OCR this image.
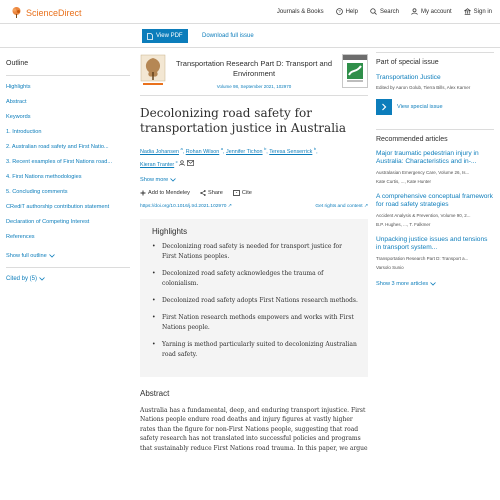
ScienceDirect	Journals & Books ? Help	Search	My account	Sign in
View PDF	Download full issue
Outline
Highlights
Abstract
Keywords
1. Introduction
2. Australian road safety and First Natio...
3. Recent examples of First Nations road...
4. First Nations methodologies
5. Concluding comments
CRediT authorship contribution statement
Declaration of Competing Interest
References
Show full outline
Cited by (5)
Transportation Research Part D: Transport and Environment
Volume 98, September 2021, 102970
Decolonizing road safety for transportation justice in Australia
Nadia Johansen $^a$, Rohan Wilson $^a$, Jennifer Tichon $^b$, Teresa Senserrick $^b$,
Kieran Tranter $^c$
Show more
Add to Mendeley	Share	” Cite
https://doi.org/10.1016/j.trd.2021.102970 ↗	Get rights and content ↗
Highlights
•	Decolonizing road safety is needed for transport justice for First Nations peoples.
•	Decolonized road safety acknowledges the trauma of colonialism.
•	Decolonized road safety adopts First Nations research methods.
•	First Nation research methods empowers and works with First Nations people.
•	Yarning is method particularly suited to decolonizing Australian road safety.
Abstract
Australia has a fundamental, deep, and enduring transport injustice. First Nations people endure road deaths and injury figures at vastly higher rates than the figure for non-First Nations people, suggesting that road safety research has not translated into successful policies and programs that sustainably reduce First Nations road trauma. In this paper, we argue
Part of special issue
Transportation Justice
Edited by Aaron Golub, Tierra Bills, Alex Karner
View special issue
Recommended articles
Major traumatic pedestrian injury in Australia: Characteristics and in-...
Australasian Emergency Care, Volume 26, Is...
Kate Curtis, ..., Kate Hunter
A comprehensive conceptual framework for road safety strategies
Accident Analysis & Prevention, Volume 90, 2...
B.P. Hughes, ..., T. Falkmer
Unpacking justice issues and tensions in transport system...
Transportation Research Part D: Transport a...
Varsolo Sunio
Show 3 more articles
